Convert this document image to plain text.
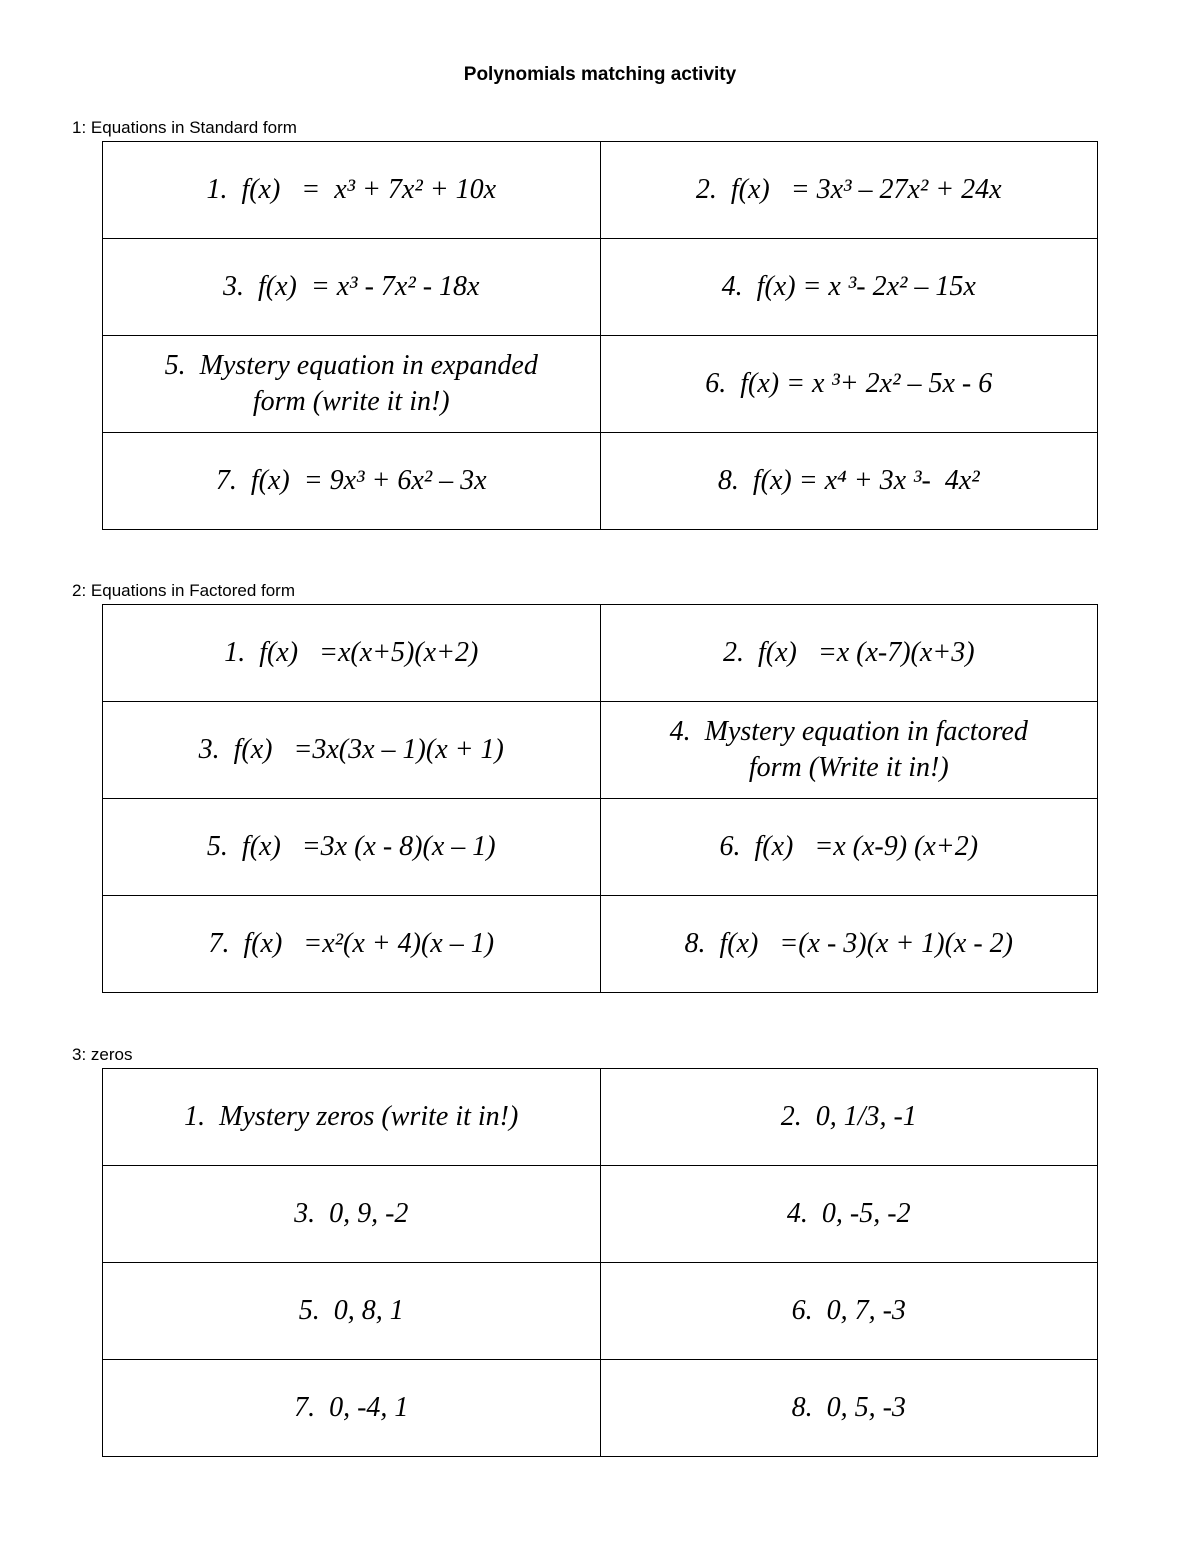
Polynomials matching activity
1: Equations in Standard form
1.  f(x)   =  x³ + 7x² + 10x	2.  f(x)   = 3x³ – 27x² + 24x
3.  f(x)  = x³ - 7x² - 18x	4.  f(x) = x ³- 2x² – 15x
5.  Mystery equation in expanded form (write it in!)	6.  f(x) = x ³+ 2x² – 5x - 6
7.  f(x)  = 9x³ + 6x² – 3x	8.  f(x) = x⁴ + 3x ³-  4x²
2: Equations in Factored form
1.  f(x)   =x(x+5)(x+2)	2.  f(x)   =x (x-7)(x+3)
3.  f(x)   =3x(3x – 1)(x + 1)	4.  Mystery equation in factored form (Write it in!)
5.  f(x)   =3x (x - 8)(x – 1)	6.  f(x)   =x (x-9) (x+2)
7.  f(x)   =x²(x + 4)(x – 1)	8.  f(x)   =(x - 3)(x + 1)(x - 2)
3: zeros
1.  Mystery zeros (write it in!)	2.  0, 1/3, -1
3.  0, 9, -2	4.  0, -5, -2
5.  0, 8, 1	6.  0, 7, -3
7.  0, -4, 1	8.  0, 5, -3
